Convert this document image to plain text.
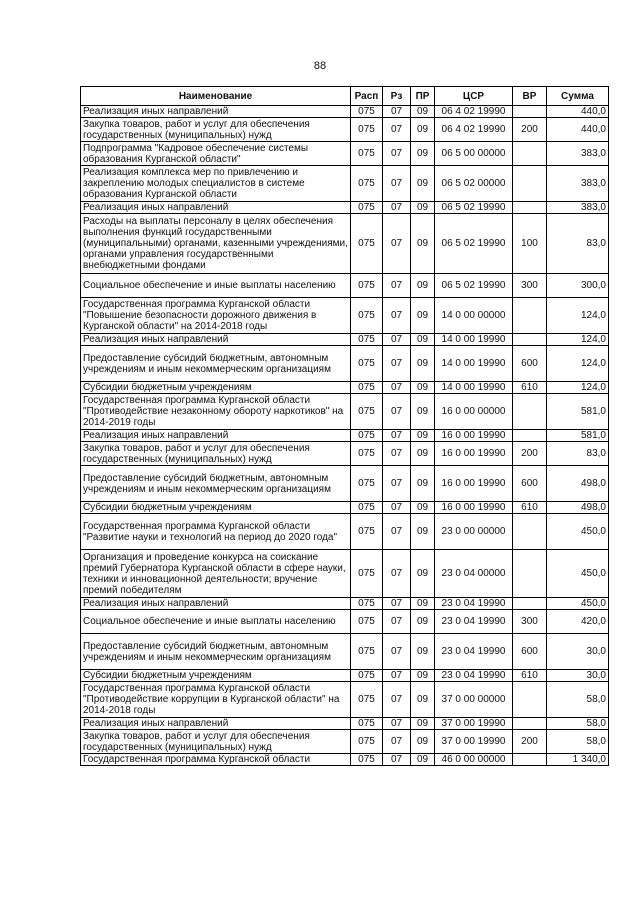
88
Наименование	Расп	Рз	ПР	ЦСР	ВР	Сумма
Реализация иных направлений	075	07	09	06 4 02 19990		440,0
Закупка товаров, работ и услуг для обеспечения государственных (муниципальных) нужд	075	07	09	06 4 02 19990	200	440,0
Подпрограмма "Кадровое обеспечение системы образования Курганской области"	075	07	09	06 5 00 00000		383,0
Реализация комплекса мер по привлечению и закреплению молодых специалистов в системе образования Курганской области	075	07	09	06 5 02 00000		383,0
Реализация иных направлений	075	07	09	06 5 02 19990		383,0
Расходы на выплаты персоналу в целях обеспечения выполнения функций государственными (муниципальными) органами, казенными учреждениями, органами управления государственными внебюджетными фондами	075	07	09	06 5 02 19990	100	83,0
Социальное обеспечение и иные выплаты населению	075	07	09	06 5 02 19990	300	300,0
Государственная программа Курганской области "Повышение безопасности дорожного движения в Курганской области" на 2014-2018 годы	075	07	09	14 0 00 00000		124,0
Реализация иных направлений	075	07	09	14 0 00 19990		124,0
Предоставление субсидий бюджетным, автономным учреждениям и иным некоммерческим организациям	075	07	09	14 0 00 19990	600	124,0
Субсидии бюджетным учреждениям	075	07	09	14 0 00 19990	610	124,0
Государственная программа Курганской области "Противодействие незаконному обороту наркотиков" на 2014-2019 годы	075	07	09	16 0 00 00000		581,0
Реализация иных направлений	075	07	09	16 0 00 19990		581,0
Закупка товаров, работ и услуг для обеспечения государственных (муниципальных) нужд	075	07	09	16 0 00 19990	200	83,0
Предоставление субсидий бюджетным, автономным учреждениям и иным некоммерческим организациям	075	07	09	16 0 00 19990	600	498,0
Субсидии бюджетным учреждениям	075	07	09	16 0 00 19990	610	498,0
Государственная программа Курганской области "Развитие науки и технологий на период до 2020 года"	075	07	09	23 0 00 00000		450,0
Организация и проведение конкурса на соискание премий Губернатора Курганской области в сфере науки, техники и инновационной деятельности; вручение премий победителям	075	07	09	23 0 04 00000		450,0
Реализация иных направлений	075	07	09	23 0 04 19990		450,0
Социальное обеспечение и иные выплаты населению	075	07	09	23 0 04 19990	300	420,0
Предоставление субсидий бюджетным, автономным учреждениям и иным некоммерческим организациям	075	07	09	23 0 04 19990	600	30,0
Субсидии бюджетным учреждениям	075	07	09	23 0 04 19990	610	30,0
Государственная программа Курганской области "Противодействие коррупции в Курганской области" на 2014-2018 годы	075	07	09	37 0 00 00000		58,0
Реализация иных направлений	075	07	09	37 0 00 19990		58,0
Закупка товаров, работ и услуг для обеспечения государственных (муниципальных) нужд	075	07	09	37 0 00 19990	200	58,0
Государственная программа Курганской области	075	07	09	46 0 00 00000		1 340,0
